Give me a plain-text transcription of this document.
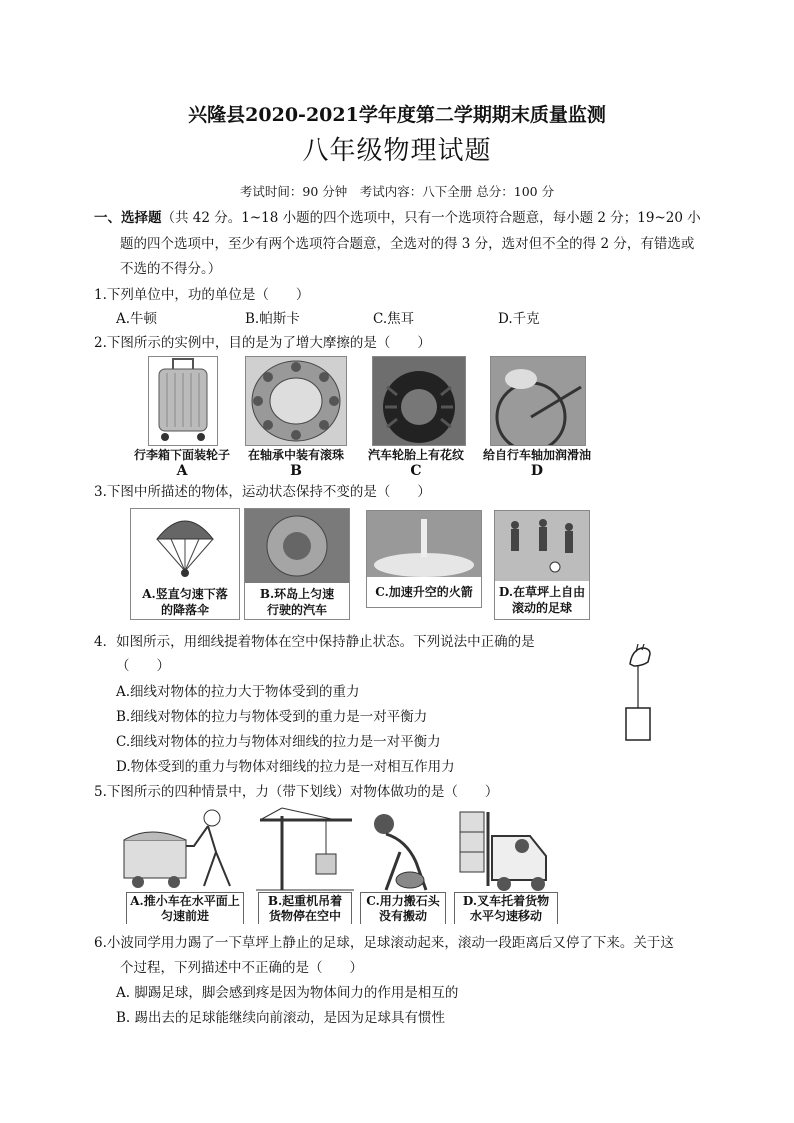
兴隆县2020-2021学年度第二学期期末质量监测
八年级物理试题
考试时间：90 分钟　考试内容：八下全册 总分：100 分
一、选择题（共 42 分。1~18 小题的四个选项中，只有一个选项符合题意，每小题 2 分；19~20 小
题的四个选项中，至少有两个选项符合题意，全选对的得 3 分，选对但不全的得 2 分，有错选或
不选的不得分。）
1.下列单位中，功的单位是（　　）
A.牛顿	B.帕斯卡	C.焦耳	D.千克
2.下图所示的实例中，目的是为了增大摩擦的是（　　）
行李箱下面装轮子	在轴承中装有滚珠	汽车轮胎上有花纹	给自行车轴加润滑油
A	B	C	D
3.下图中所描述的物体，运动状态保持不变的是（　　）
A.竖直匀速下落
的降落伞
B.环岛上匀速
行驶的汽车
C.加速升空的火箭	D.在草坪上自由
滚动的足球
4．如图所示，用细线提着物体在空中保持静止状态。下列说法中正确的是
（　　）
A.细线对物体的拉力大于物体受到的重力
B.细线对物体的拉力与物体受到的重力是一对平衡力
C.细线对物体的拉力与物体对细线的拉力是一对平衡力
D.物体受到的重力与物体对细线的拉力是一对相互作用力
5.下图所示的四种情景中，力（带下划线）对物体做功的是（　　）
A.推小车在水平面上
匀速前进
B.起重机吊着
货物停在空中
C.用力搬石头
没有搬动
D.叉车托着货物
水平匀速移动
6.小波同学用力踢了一下草坪上静止的足球，足球滚动起来，滚动一段距离后又停了下来。关于这
个过程，下列描述中不正确的是（　　）
A. 脚踢足球，脚会感到疼是因为物体间力的作用是相互的
B. 踢出去的足球能继续向前滚动，是因为足球具有惯性
